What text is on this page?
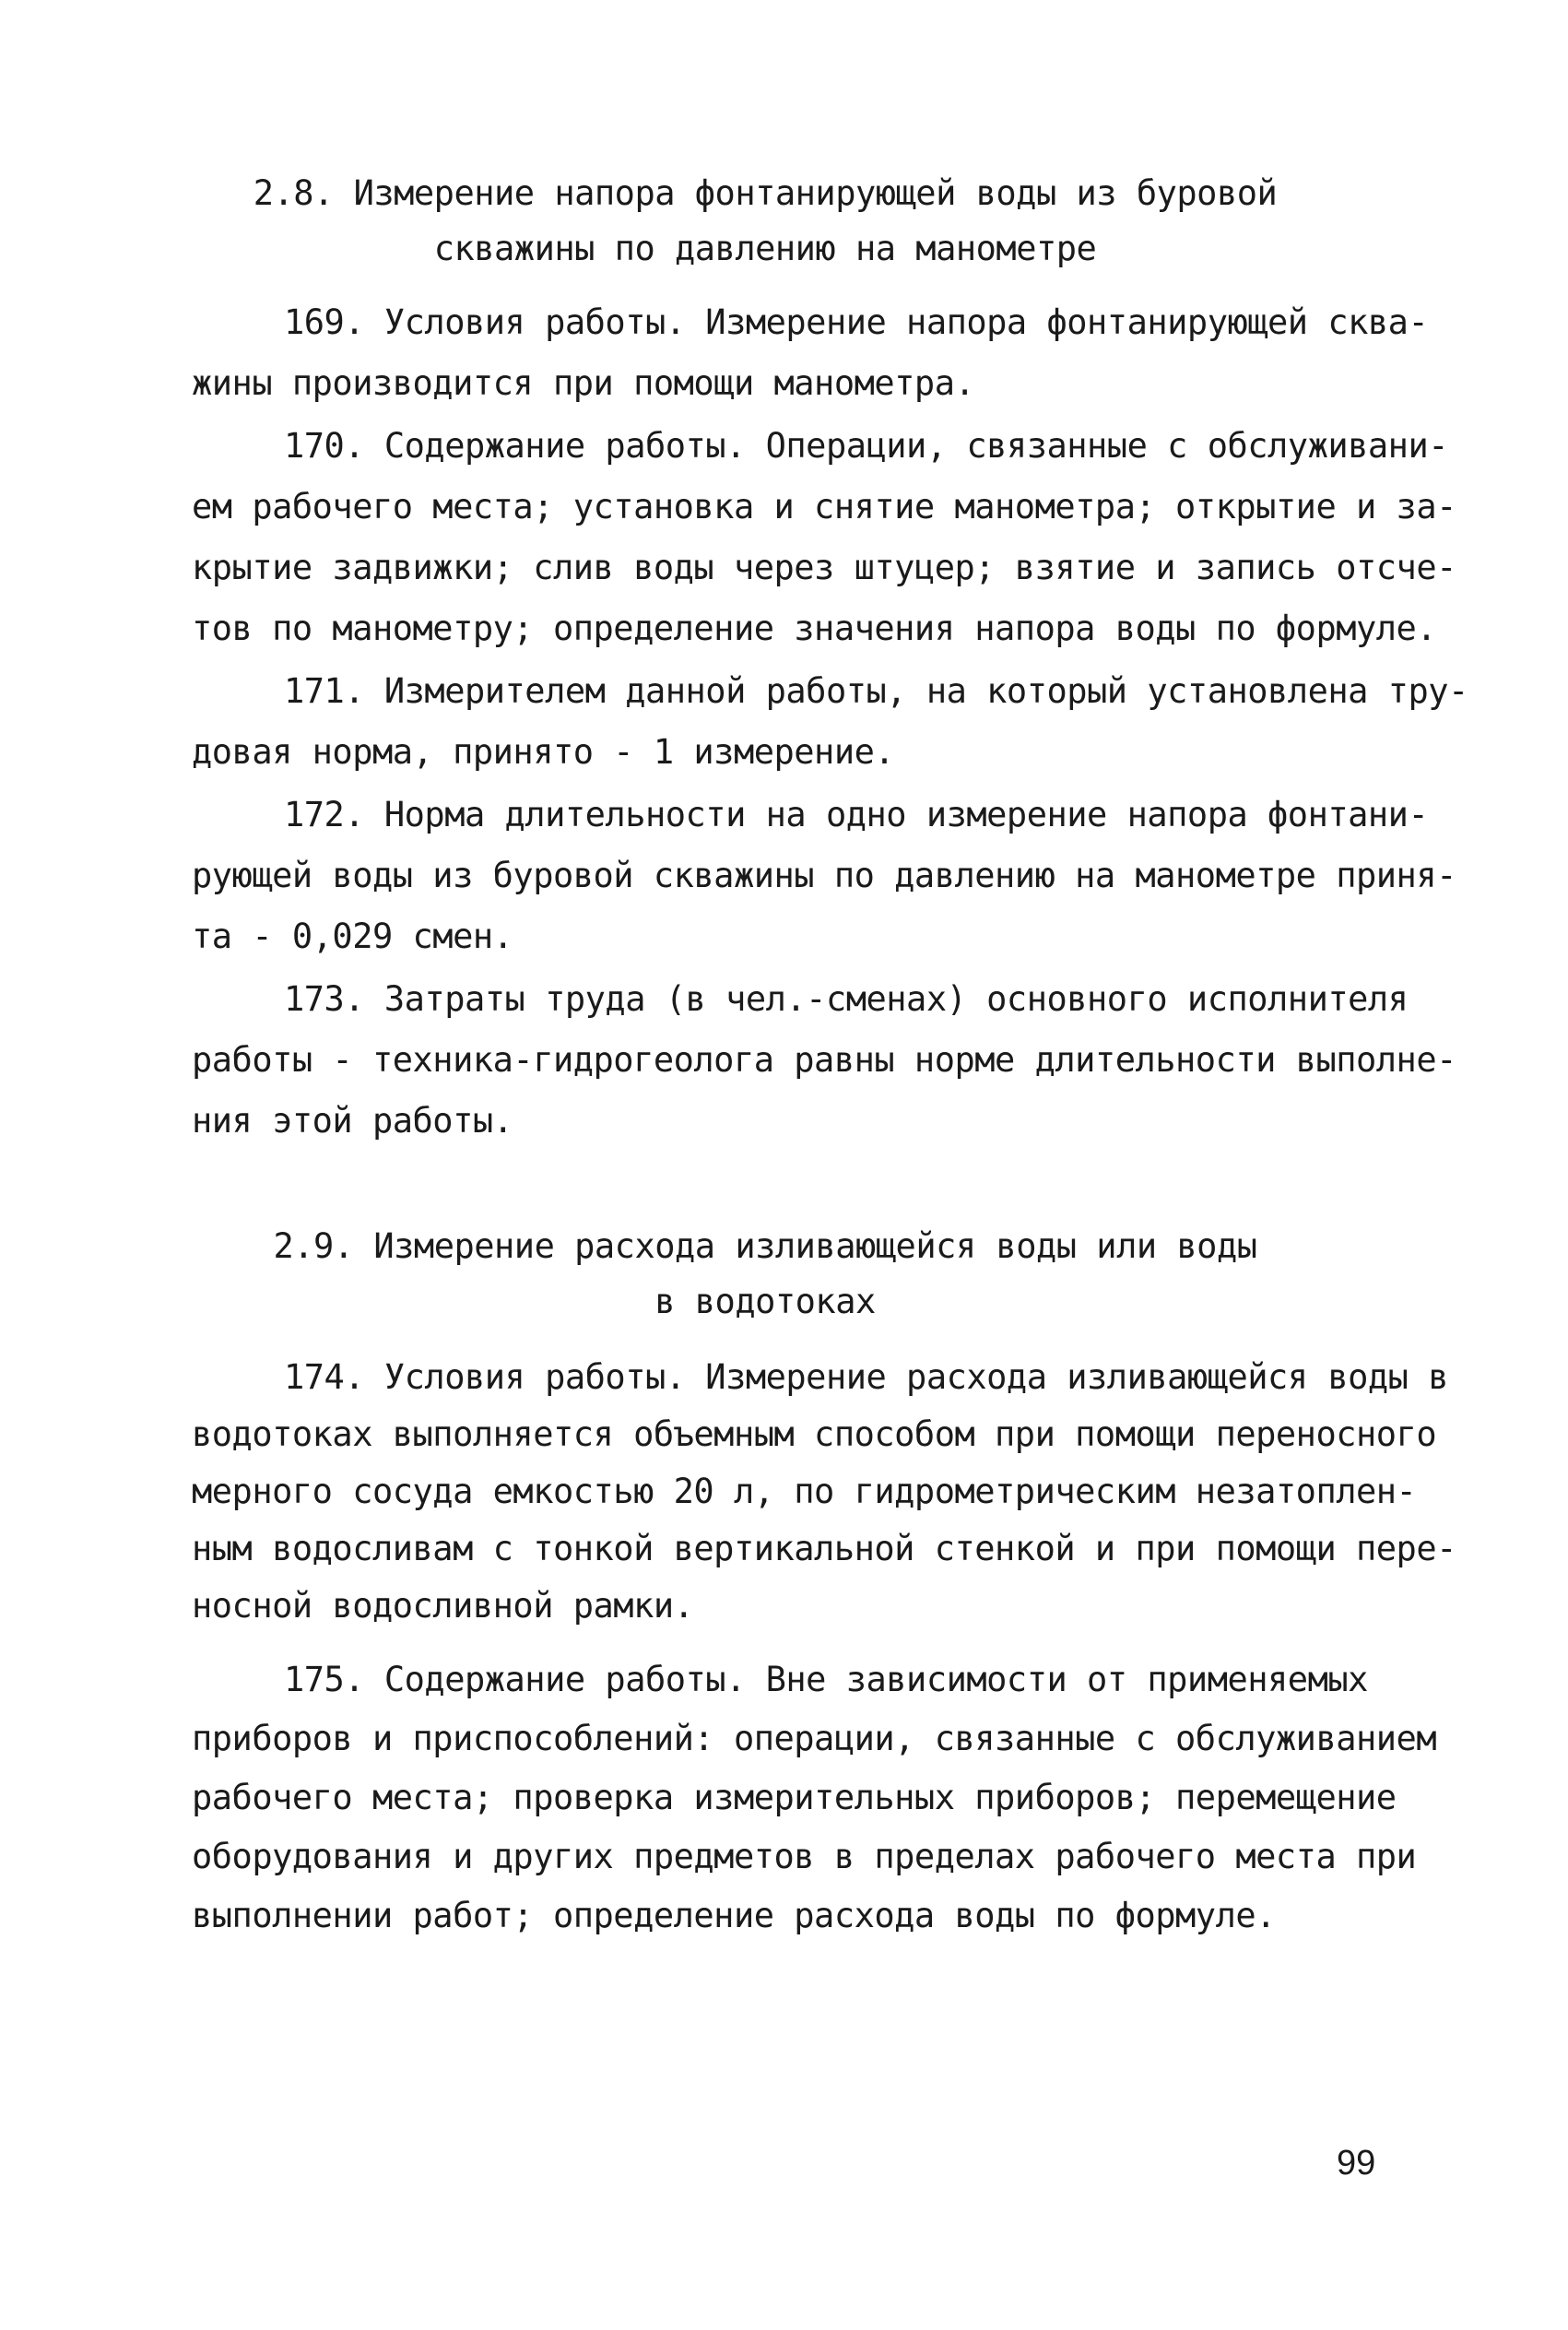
2.8. Измерение напора фонтанирующей воды из буровой
скважины по давлению на манометре
169. Условия работы. Измерение напора фонтанирующей сква-
жины производится при помощи манометра.
170. Содержание работы. Операции, связанные с обслуживани-
ем рабочего места; установка и снятие манометра; открытие и за-
крытие задвижки; слив воды через штуцер; взятие и запись отсче-
тов по манометру; определение значения напора воды по формуле.
171. Измерителем данной работы, на который установлена тру-
довая норма, принято - 1 измерение.
172. Норма длительности на одно измерение напора фонтани-
рующей воды из буровой скважины по давлению на манометре приня-
та - 0,029 смен.
173. Затраты труда (в чел.-сменах) основного исполнителя
работы - техника-гидрогеолога равны норме длительности выполне-
ния этой работы.
2.9. Измерение расхода изливающейся воды или воды
в водотоках
174. Условия работы. Измерение расхода изливающейся воды в
водотоках выполняется объемным способом при помощи переносного
мерного сосуда емкостью 20 л, по гидрометрическим незатоплен-
ным водосливам с тонкой вертикальной стенкой и при помощи пере-
носной водосливной рамки.
175. Содержание работы. Вне зависимости от применяемых
приборов и приспособлений: операции, связанные с обслуживанием
рабочего места; проверка измерительных приборов; перемещение
оборудования и других предметов в пределах рабочего места при
выполнении работ; определение расхода воды по формуле.
99
